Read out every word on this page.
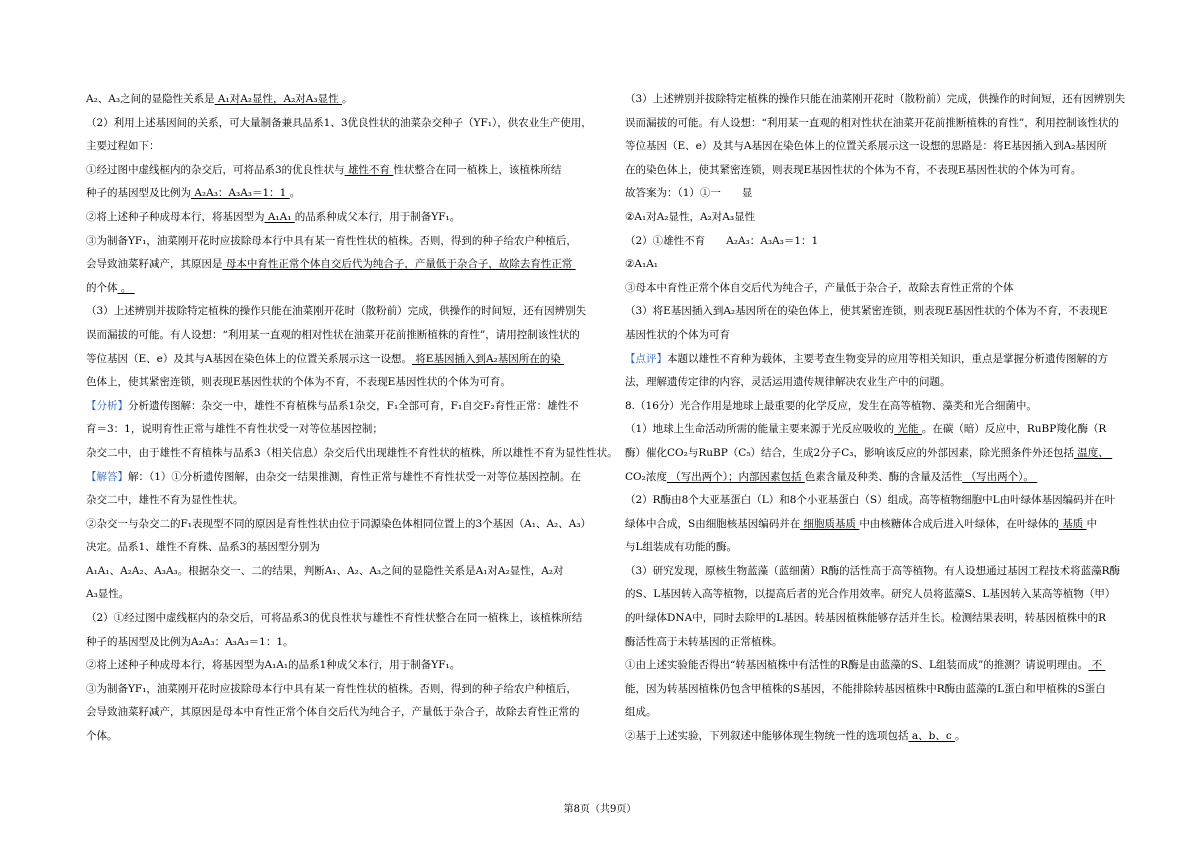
A₂、A₃之间的显隐性关系是 A₁对A₂显性，A₂对A₃显性 。

（2）利用上述基因间的关系，可大量制备兼具品系1、3优良性状的油菜杂交种子（YF₁），供农业生产使用，

主要过程如下：

①经过图中虚线框内的杂交后，可将品系3的优良性状与 雄性不育 性状整合在同一植株上，该植株所结

种子的基因型及比例为 A₂A₃：A₃A₃＝1：1 。

②将上述种子种成母本行，将基因型为 A₁A₁ 的品系种成父本行，用于制备YF₁。

③为制备YF₁，油菜刚开花时应拔除母本行中具有某一育性性状的植株。否则，得到的种子给农户种植后，

会导致油菜籽减产，其原因是 母本中育性正常个体自交后代为纯合子，产量低于杂合子，故除去育性正常

的个体 。

（3）上述辨别并拔除特定植株的操作只能在油菜刚开花时（散粉前）完成，供操作的时间短，还有因辨别失

误而漏拔的可能。有人设想：“利用某一直观的相对性状在油菜开花前推断植株的育性”，请用控制该性状的

等位基因（E、e）及其与A基因在染色体上的位置关系展示这一设想。 将E基因插入到A₂基因所在的染

色体上，使其紧密连锁，则表现E基因性状的个体为不育，不表现E基因性状的个体为可育。

【分析】分析遗传图解：杂交一中，雄性不育植株与品系1杂交，F₁全部可育，F₁自交F₂育性正常：雄性不

育＝3：1，说明育性正常与雄性不育性状受一对等位基因控制；

杂交二中，由于雄性不育植株与品系3（相关信息）杂交后代出现雄性不育性状的植株，所以雄性不育为显性性状。

【解答】解：（1）①分析遗传图解，由杂交一结果推测，育性正常与雄性不育性状受一对等位基因控制。在

杂交二中，雄性不育为显性性状。

②杂交一与杂交二的F₁表现型不同的原因是育性性状由位于同源染色体相同位置上的3个基因（A₁、A₂、A₃）

决定。品系1、雄性不育株、品系3的基因型分别为

A₁A₁、A₂A₂、A₃A₃。根据杂交一、二的结果，判断A₁、A₂、A₃之间的显隐性关系是A₁对A₂显性，A₂对

A₃显性。

（2）①经过图中虚线框内的杂交后，可将品系3的优良性状与雄性不育性状整合在同一植株上，该植株所结

种子的基因型及比例为A₂A₃：A₃A₃＝1：1。

②将上述种子种成母本行，将基因型为A₁A₁的品系1种成父本行，用于制备YF₁。

③为制备YF₁，油菜刚开花时应拔除母本行中具有某一育性性状的植株。否则，得到的种子给农户种植后，

会导致油菜籽减产，其原因是母本中育性正常个体自交后代为纯合子，产量低于杂合子，故除去育性正常的

个体。

（3）上述辨别并拔除特定植株的操作只能在油菜刚开花时（散粉前）完成，供操作的时间短，还有因辨别失

误而漏拔的可能。有人设想：“利用某一直观的相对性状在油菜开花前推断植株的育性”，利用控制该性状的

等位基因（E、e）及其与A基因在染色体上的位置关系展示这一设想的思路是：将E基因插入到A₂基因所

在的染色体上，使其紧密连锁，则表现E基因性状的个体为不育，不表现E基因性状的个体为可育。

故答案为：（1）①一　　显

②A₁对A₂显性，A₂对A₃显性

（2）①雄性不育　　A₂A₃：A₃A₃＝1：1

②A₁A₁

③母本中育性正常个体自交后代为纯合子，产量低于杂合子，故除去育性正常的个体

（3）将E基因插入到A₂基因所在的染色体上，使其紧密连锁，则表现E基因性状的个体为不育，不表现E

基因性状的个体为可育

【点评】本题以雄性不育种为载体，主要考查生物变异的应用等相关知识，重点是掌握分析遗传图解的方

法，理解遗传定律的内容，灵活运用遗传规律解决农业生产中的问题。

8.（16分）光合作用是地球上最重要的化学反应，发生在高等植物、藻类和光合细菌中。

（1）地球上生命活动所需的能量主要来源于光反应吸收的 光能 。在碳（暗）反应中，RuBP羧化酶（R

酶）催化CO₂与RuBP（C₅）结合，生成2分子C₃，影响该反应的外部因素，除光照条件外还包括 温度、

CO₂浓度 （写出两个）；内部因素包括 色素含量及种类、酶的含量及活性 （写出两个）。

（2）R酶由8个大亚基蛋白（L）和8个小亚基蛋白（S）组成。高等植物细胞中L由叶绿体基因编码并在叶

绿体中合成，S由细胞核基因编码并在 细胞质基质 中由核糖体合成后进入叶绿体，在叶绿体的 基质 中

与L组装成有功能的酶。

（3）研究发现，原核生物蓝藻（蓝细菌）R酶的活性高于高等植物。有人设想通过基因工程技术将蓝藻R酶

的S、L基因转入高等植物，以提高后者的光合作用效率。研究人员将蓝藻S、L基因转入某高等植物（甲）

的叶绿体DNA中，同时去除甲的L基因。转基因植株能够存活并生长。检测结果表明，转基因植株中的R

酶活性高于未转基因的正常植株。

①由上述实验能否得出“转基因植株中有活性的R酶是由蓝藻的S、L组装而成”的推测？请说明理由。 不

能，因为转基因植株仍包含甲植株的S基因，不能排除转基因植株中R酶由蓝藻的L蛋白和甲植株的S蛋白

组成。

②基于上述实验，下列叙述中能够体现生物统一性的选项包括 a、b、c 。

第8页（共9页）
